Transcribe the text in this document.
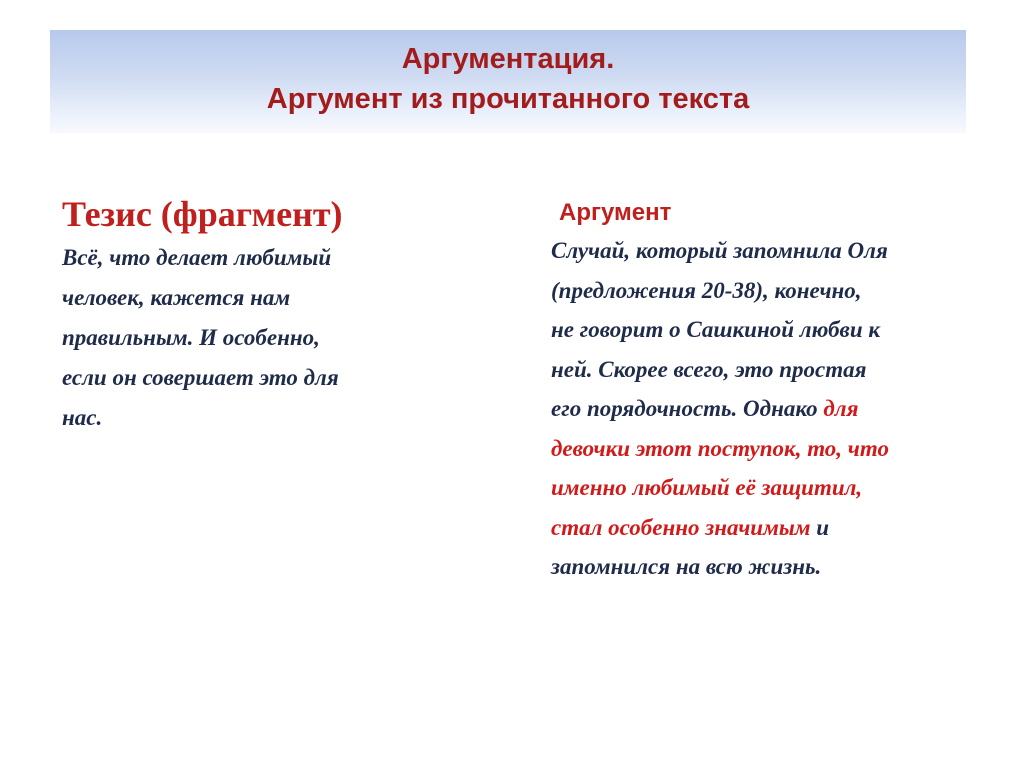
Аргументация.
Аргумент из прочитанного текста
Тезис (фрагмент)
Всё, что делает любимый
человек, кажется нам
правильным. И особенно,
если он совершает это для
нас.
Аргумент
Случай, который запомнила Оля
(предложения 20-38), конечно,
не говорит о Сашкиной любви к
ней. Скорее всего, это простая
его порядочность. Однако для
девочки этот поступок, то, что
именно любимый её защитил,
стал особенно значимым и
запомнился на всю жизнь.
